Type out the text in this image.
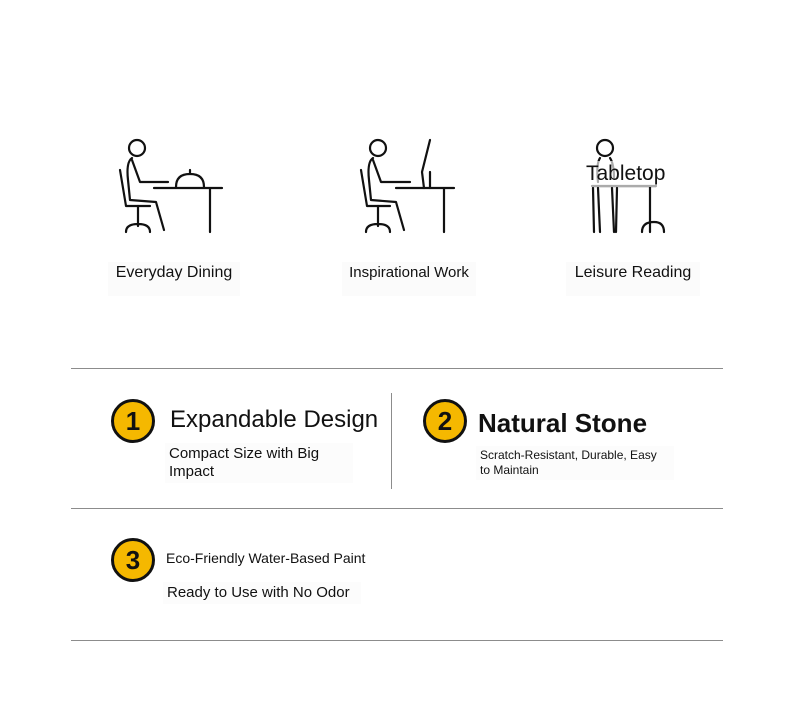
Everyday Dining	Inspirational Work
Tabletop
Leisure Reading
1	Expandable Design
Compact Size with Big Impact
2 Natural Stone
Scratch-Resistant, Durable, Easy to Maintain
3	Eco-Friendly Water-Based Paint
Ready to Use with No Odor
